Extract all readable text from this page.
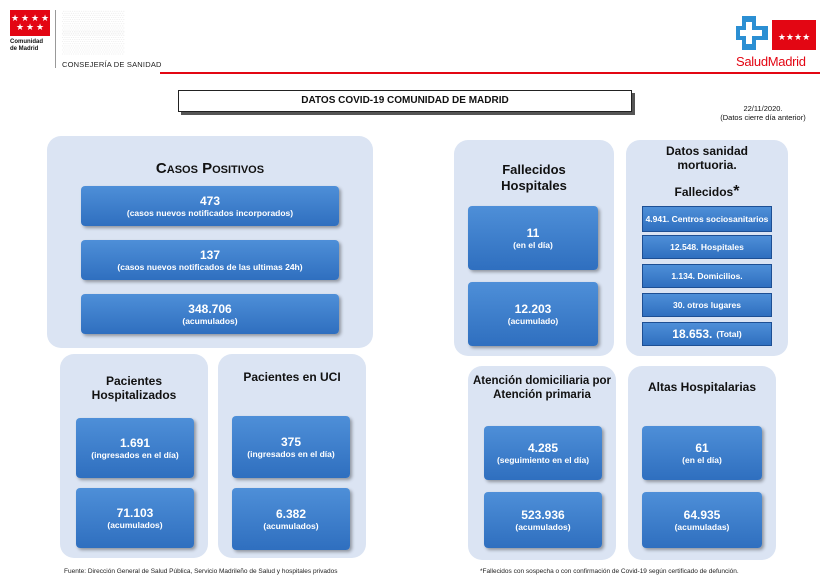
★ ★ ★ ★
★ ★ ★
Comunidad
de Madrid
▒▒▒▒
▒▒▒▒
CONSEJERÍA DE SANIDAD
★★★★
SaludMadrid
DATOS COVID-19 COMUNIDAD DE MADRID
22/11/2020.
(Datos cierre día anterior)
Casos Positivos
473
(casos nuevos notificados incorporados)
137
(casos nuevos notificados de las ultimas 24h)
348.706
(acumulados)
Pacientes Hospitalizados
1.691
(ingresados en el día)
71.103
(acumulados)
Pacientes en UCI
375
(ingresados en el día)
6.382
(acumulados)
Fallecidos Hospitales
11
(en el día)
12.203
(acumulado)
Datos sanidad mortuoria.
Fallecidos*
4.941. Centros sociosanitarios
12.548. Hospitales
1.134. Domicilios.
30. otros lugares
18.653. (Total)
Atención domiciliaria por Atención primaria
4.285
(seguimiento en el día)
523.936
(acumulados)
Altas Hospitalarias
61
(en el día)
64.935
(acumuladas)
Fuente: Dirección General de Salud Pública, Servicio Madrileño de Salud y hospitales privados	*Fallecidos con sospecha o con confirmación de Covid-19 según certificado de defunción.
